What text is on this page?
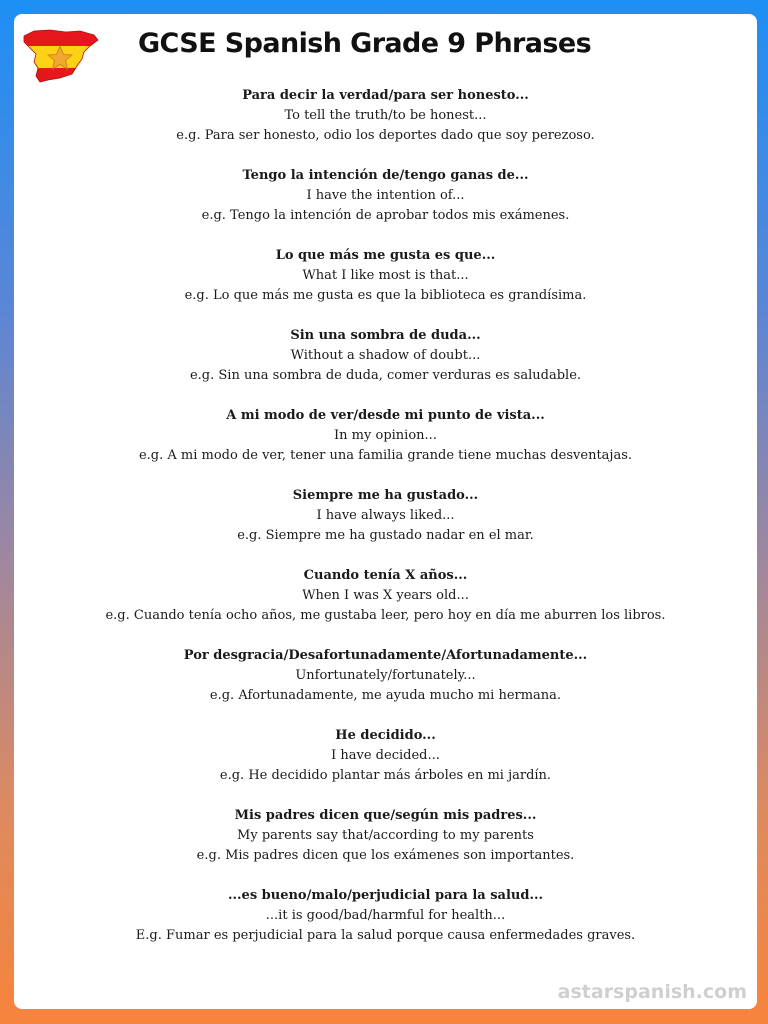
GCSE Spanish Grade 9 Phrases
Para decir la verdad/para ser honesto...
To tell the truth/to be honest...
e.g. Para ser honesto, odio los deportes dado que soy perezoso.
Tengo la intención de/tengo ganas de...
I have the intention of...
e.g. Tengo la intención de aprobar todos mis exámenes.
Lo que más me gusta es que...
What I like most is that...
e.g. Lo que más me gusta es que la biblioteca es grandísima.
Sin una sombra de duda...
Without a shadow of doubt...
e.g. Sin una sombra de duda, comer verduras es saludable.
A mi modo de ver/desde mi punto de vista...
In my opinion...
e.g. A mi modo de ver, tener una familia grande tiene muchas desventajas.
Siempre me ha gustado...
I have always liked...
e.g. Siempre me ha gustado nadar en el mar.
Cuando tenía X años...
When I was X years old...
e.g. Cuando tenía ocho años, me gustaba leer, pero hoy en día me aburren los libros.
Por desgracia/Desafortunadamente/Afortunadamente...
Unfortunately/fortunately...
e.g. Afortunadamente, me ayuda mucho mi hermana.
He decidido...
I have decided...
e.g. He decidido plantar más árboles en mi jardín.
Mis padres dicen que/según mis padres...
My parents say that/according to my parents
e.g. Mis padres dicen que los exámenes son importantes.
...es bueno/malo/perjudicial para la salud...
...it is good/bad/harmful for health...
E.g. Fumar es perjudicial para la salud porque causa enfermedades graves.
astarspanish.com
